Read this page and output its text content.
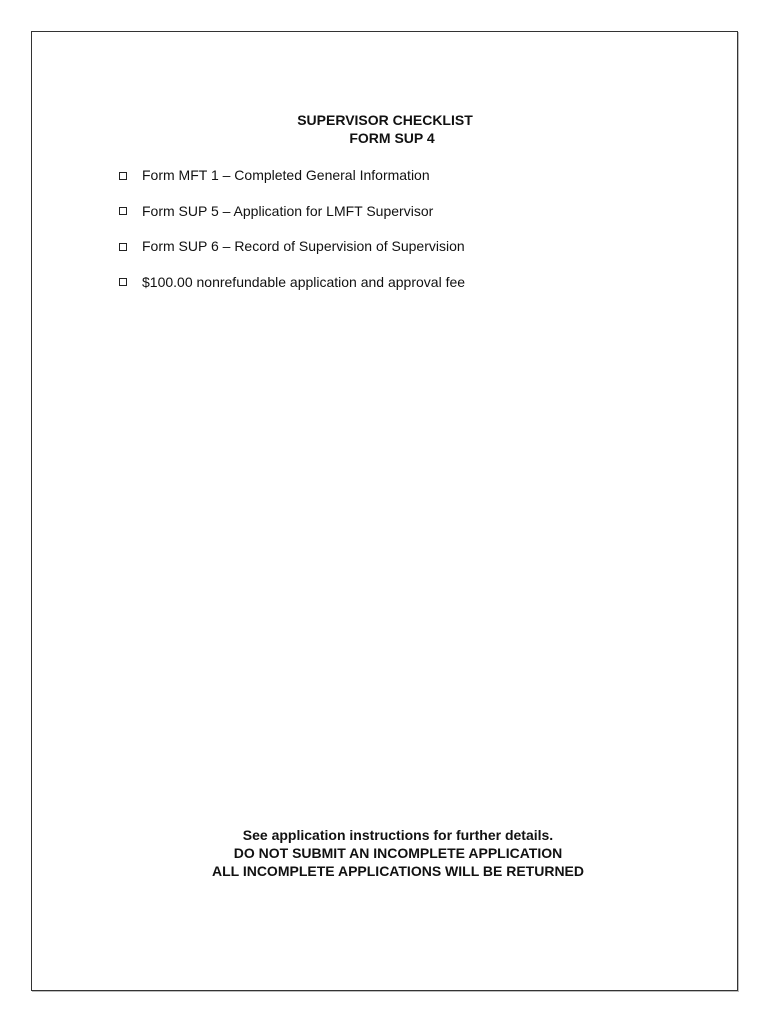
SUPERVISOR CHECKLIST
FORM SUP 4
Form MFT 1 – Completed General Information
Form SUP 5 – Application for LMFT Supervisor
Form SUP 6 – Record of Supervision of Supervision
$100.00 nonrefundable application and approval fee
See application instructions for further details.
DO NOT SUBMIT AN INCOMPLETE APPLICATION
ALL INCOMPLETE APPLICATIONS WILL BE RETURNED
